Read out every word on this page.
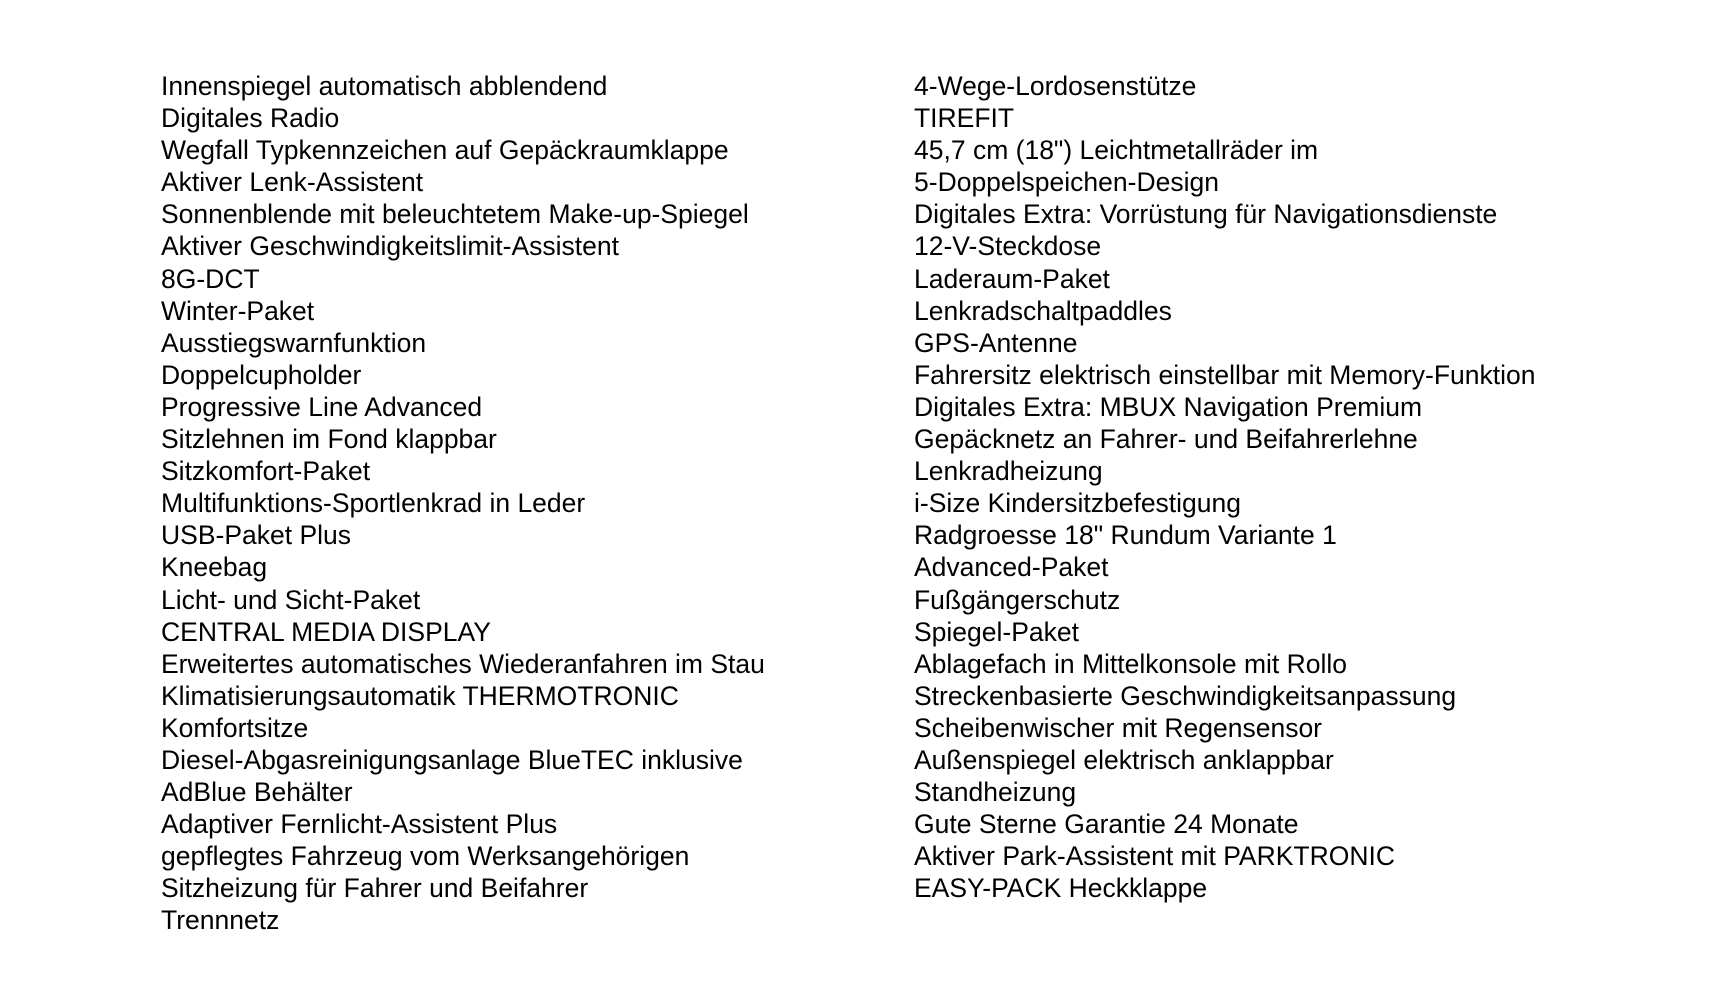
Innenspiegel automatisch abblendend
Digitales Radio
Wegfall Typkennzeichen auf Gepäckraumklappe
Aktiver Lenk-Assistent
Sonnenblende mit beleuchtetem Make-up-Spiegel
Aktiver Geschwindigkeitslimit-Assistent
8G-DCT
Winter-Paket
Ausstiegswarnfunktion
Doppelcupholder
Progressive Line Advanced
Sitzlehnen im Fond klappbar
Sitzkomfort-Paket
Multifunktions-Sportlenkrad in Leder
USB-Paket Plus
Kneebag
Licht- und Sicht-Paket
CENTRAL MEDIA DISPLAY
Erweitertes automatisches Wiederanfahren im Stau
Klimatisierungsautomatik THERMOTRONIC
Komfortsitze
Diesel-Abgasreinigungsanlage BlueTEC inklusive
AdBlue Behälter
Adaptiver Fernlicht-Assistent Plus
gepflegtes Fahrzeug vom Werksangehörigen
Sitzheizung für Fahrer und Beifahrer
Trennnetz
4-Wege-Lordosenstütze
TIREFIT
45,7 cm (18") Leichtmetallräder im
5-Doppelspeichen-Design
Digitales Extra: Vorrüstung für Navigationsdienste
12-V-Steckdose
Laderaum-Paket
Lenkradschaltpaddles
GPS-Antenne
Fahrersitz elektrisch einstellbar mit Memory-Funktion
Digitales Extra: MBUX Navigation Premium
Gepäcknetz an Fahrer- und Beifahrerlehne
Lenkradheizung
i-Size Kindersitzbefestigung
Radgroesse 18" Rundum Variante 1
Advanced-Paket
Fußgängerschutz
Spiegel-Paket
Ablagefach in Mittelkonsole mit Rollo
Streckenbasierte Geschwindigkeitsanpassung
Scheibenwischer mit Regensensor
Außenspiegel elektrisch anklappbar
Standheizung
Gute Sterne Garantie 24 Monate
Aktiver Park-Assistent mit PARKTRONIC
EASY-PACK Heckklappe
